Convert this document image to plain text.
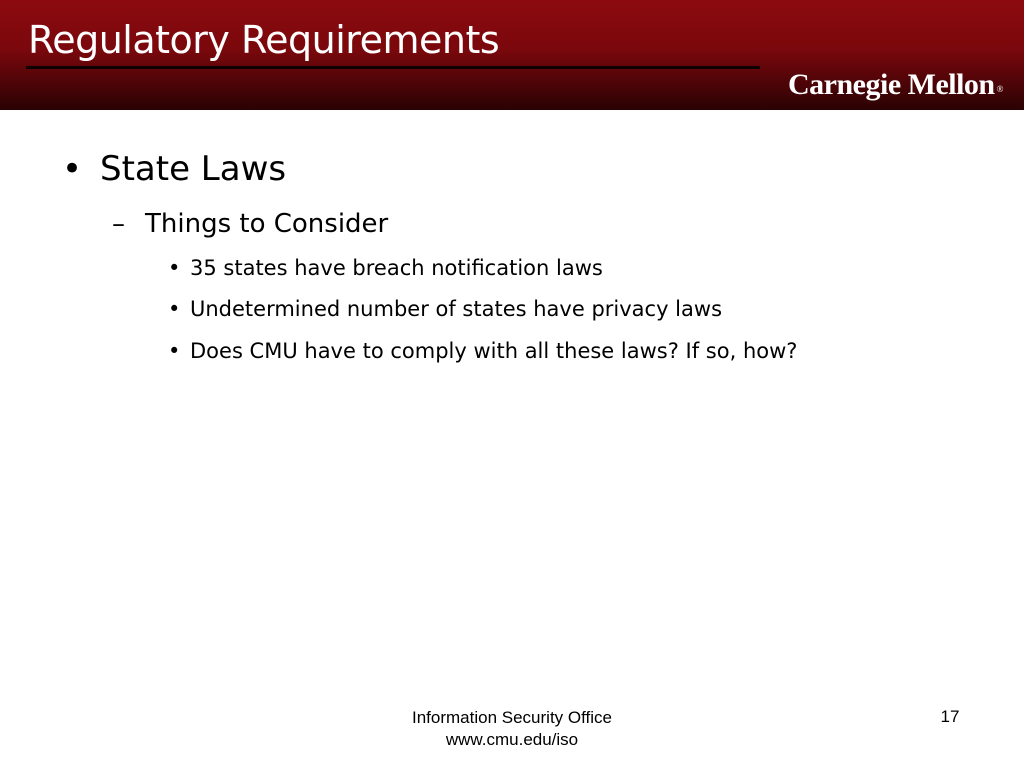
Regulatory Requirements
Carnegie Mellon ®
• State Laws
– Things to Consider
• 35 states have breach notification laws
• Undetermined number of states have privacy laws
• Does CMU have to comply with all these laws? If so, how?
Information Security Office
www.cmu.edu/iso
17
